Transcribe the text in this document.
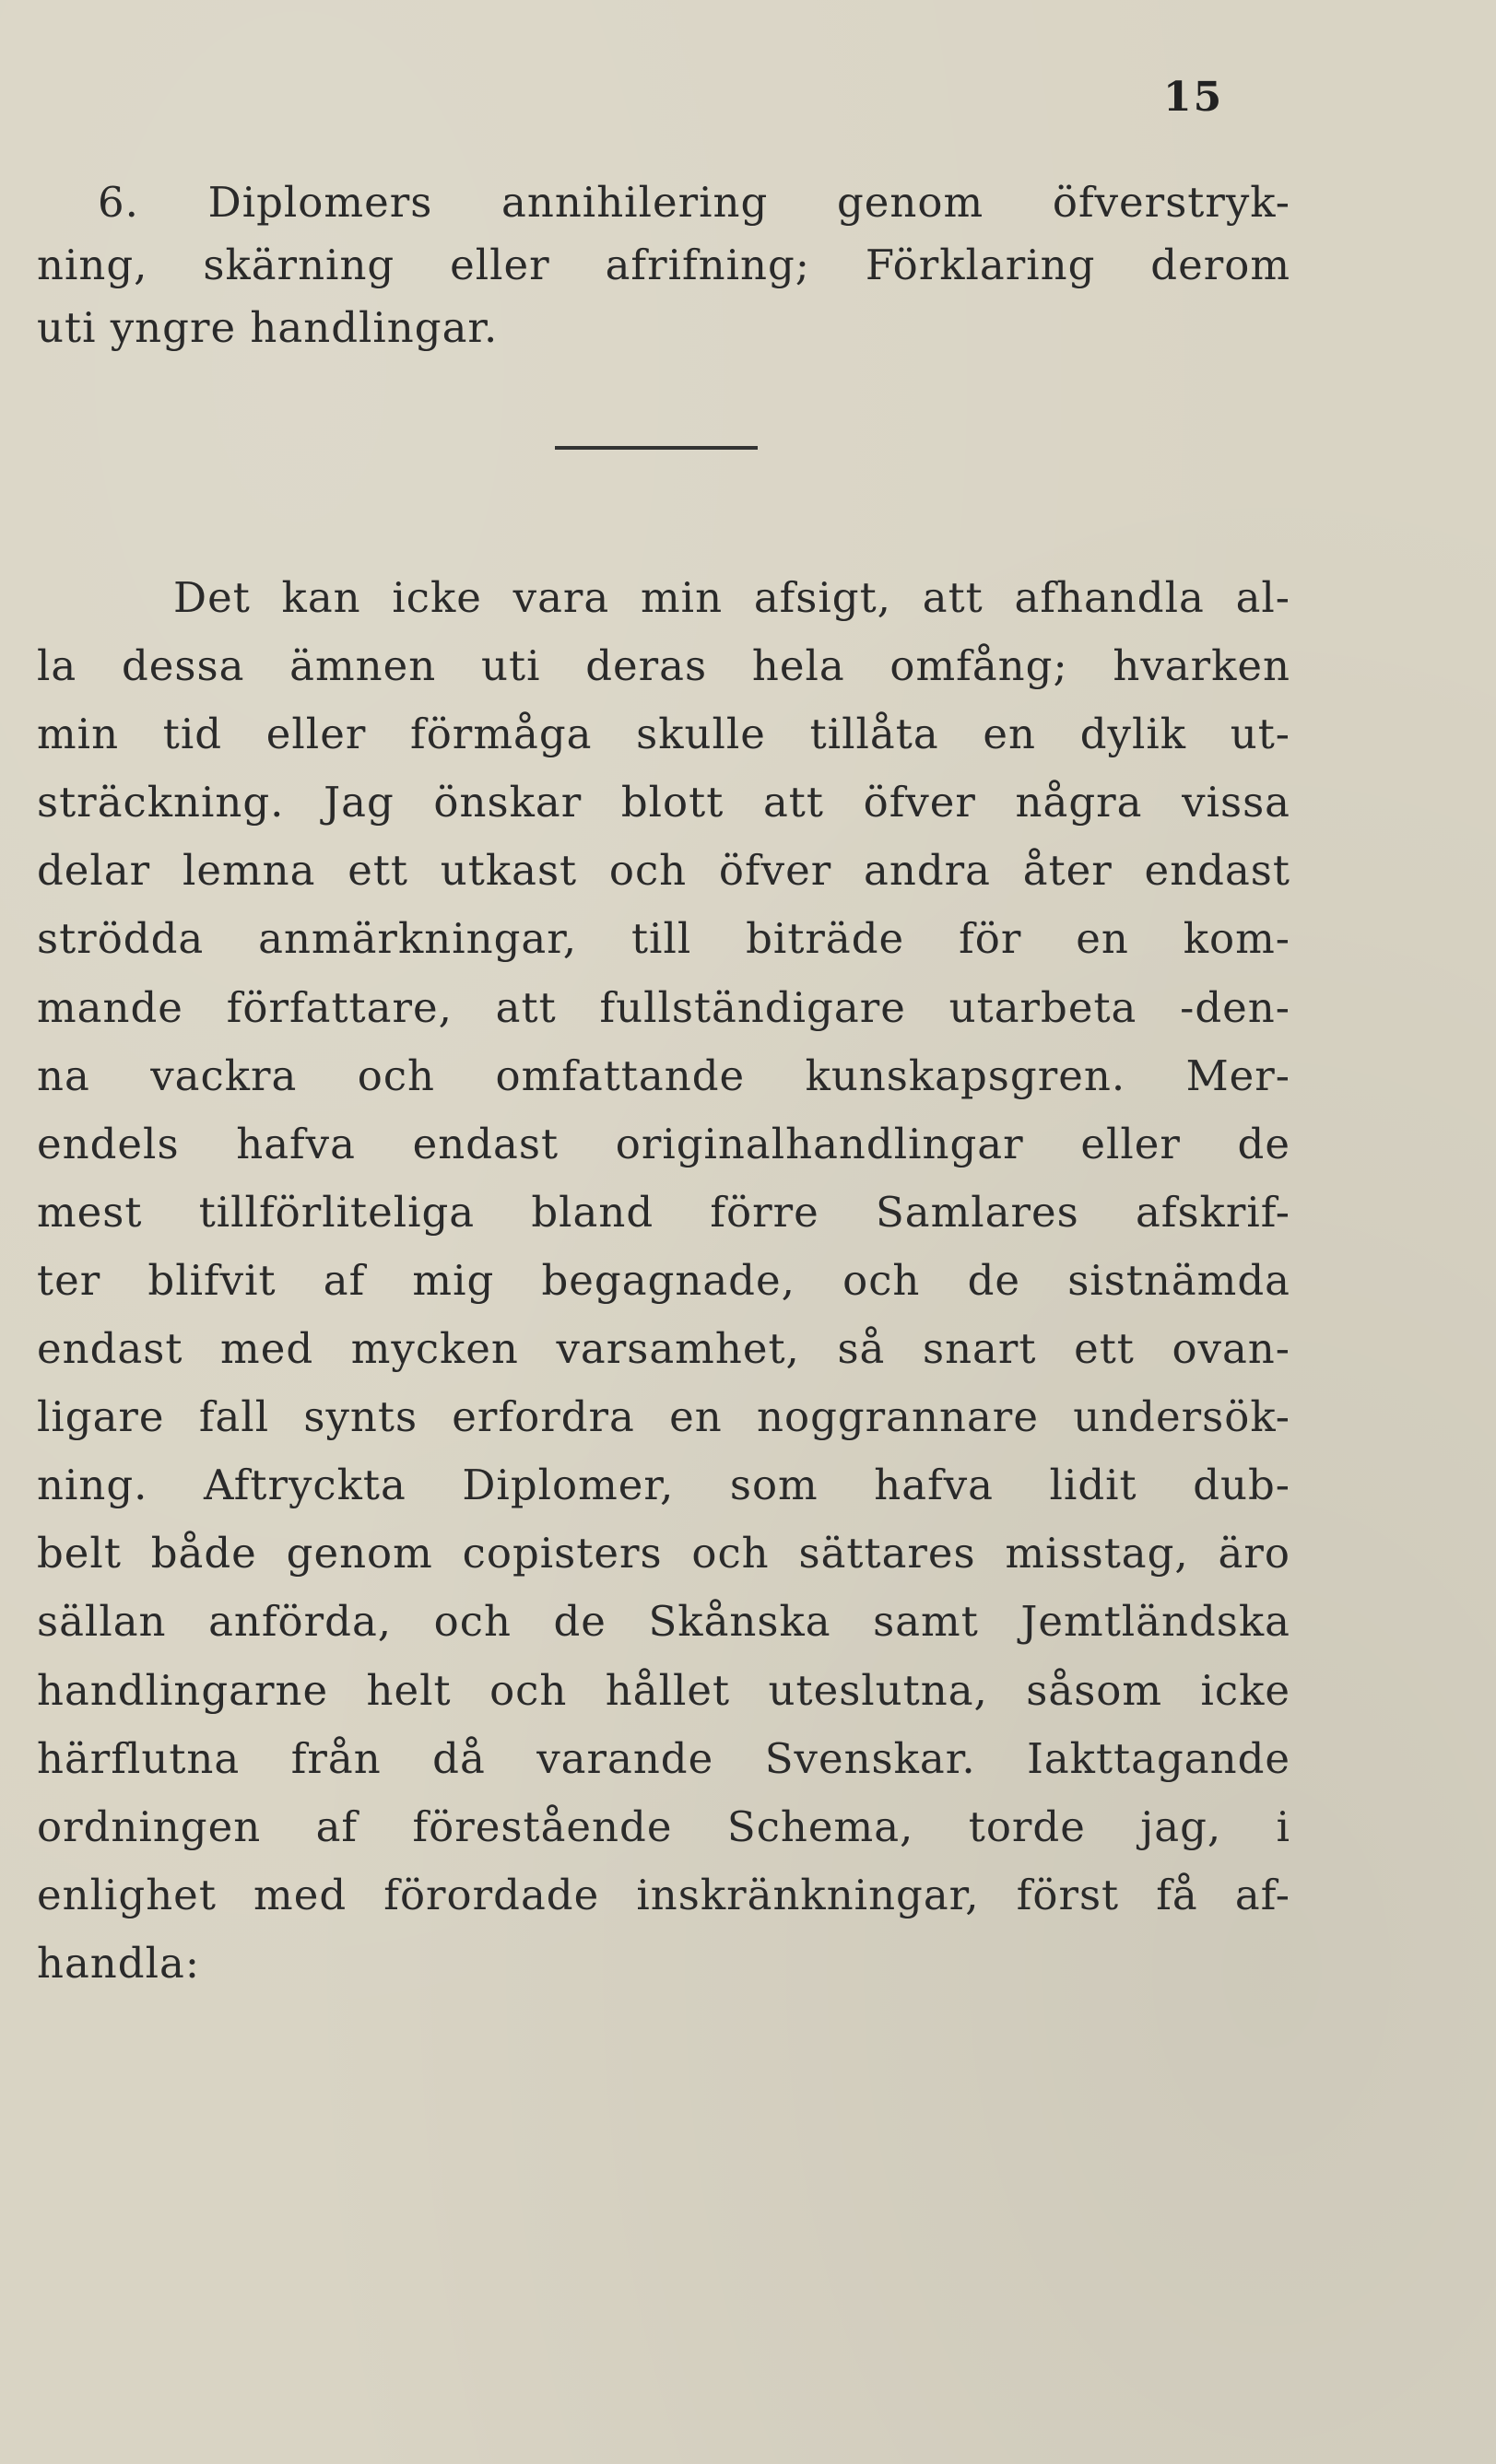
15
6. Diplomers annihilering genom öfverstryk-
ning, skärning eller afrifning; Förklaring derom
uti yngre handlingar.
Det kan icke vara min afsigt, att afhandla al-
la dessa ämnen uti deras hela omfång; hvarken
min tid eller förmåga skulle tillåta en dylik ut-
sträckning. Jag önskar blott att öfver några vissa
delar lemna ett utkast och öfver andra åter endast
strödda anmärkningar, till biträde för en kom-
mande författare, att fullständigare utarbeta -den-
na vackra och omfattande kunskapsgren. Mer-
endels hafva endast originalhandlingar eller de
mest tillförliteliga bland förre Samlares afskrif-
ter blifvit af mig begagnade, och de sistnämda
endast med mycken varsamhet, så snart ett ovan-
ligare fall synts erfordra en noggrannare undersök-
ning. Aftryckta Diplomer, som hafva lidit dub-
belt både genom copisters och sättares misstag, äro
sällan anförda, och de Skånska samt Jemtländska
handlingarne helt och hållet uteslutna, såsom icke
härflutna från då varande Svenskar. Iakttagande
ordningen af förestående Schema, torde jag, i
enlighet med förordade inskränkningar, först få af-
handla:
